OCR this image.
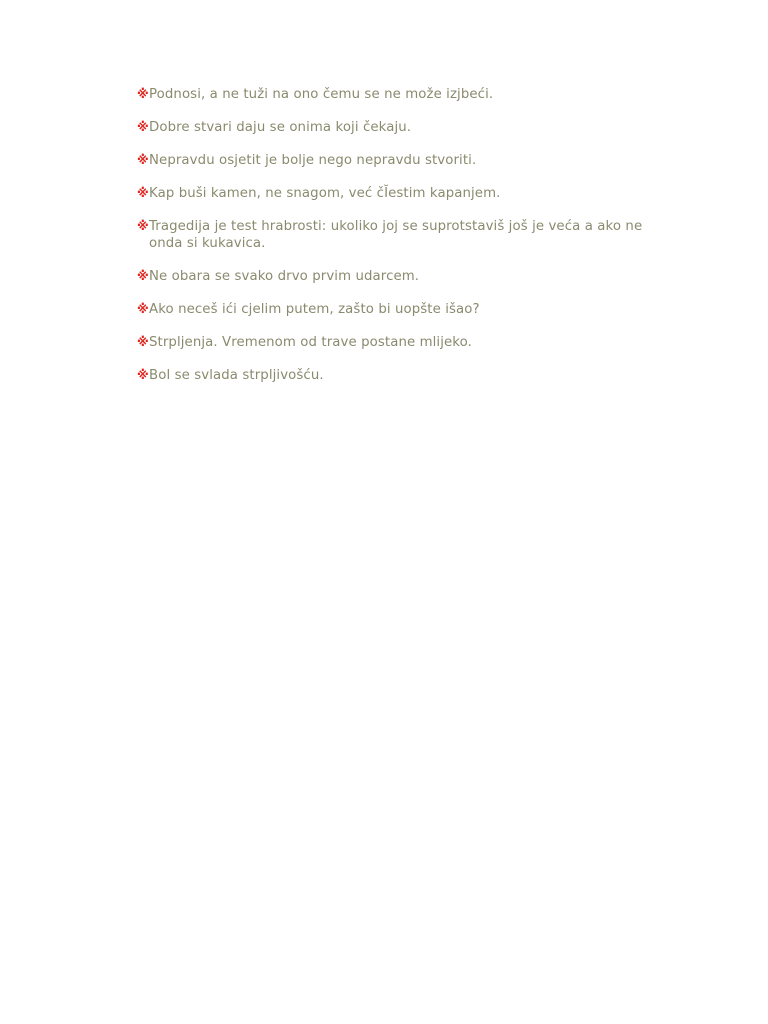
※ Podnosi, a ne tuži na ono čemu se ne može izjbeći.
※ Dobre stvari daju se onima koji čekaju.
※ Nepravdu osjetit je bolje nego nepravdu stvoriti.
※ Kap buši kamen, ne snagom, već čĬestim kapanjem.
※ Tragedija je test hrabrosti: ukoliko joj se suprotstaviš još je veća a ako ne onda si kukavica.
※ Ne obara se svako drvo prvim udarcem.
※ Ako neceš ići cjelim putem, zašto bi uopšte išao?
※ Strpljenja. Vremenom od trave postane mlijeko.
※ Bol se svlada strpljivošću.
